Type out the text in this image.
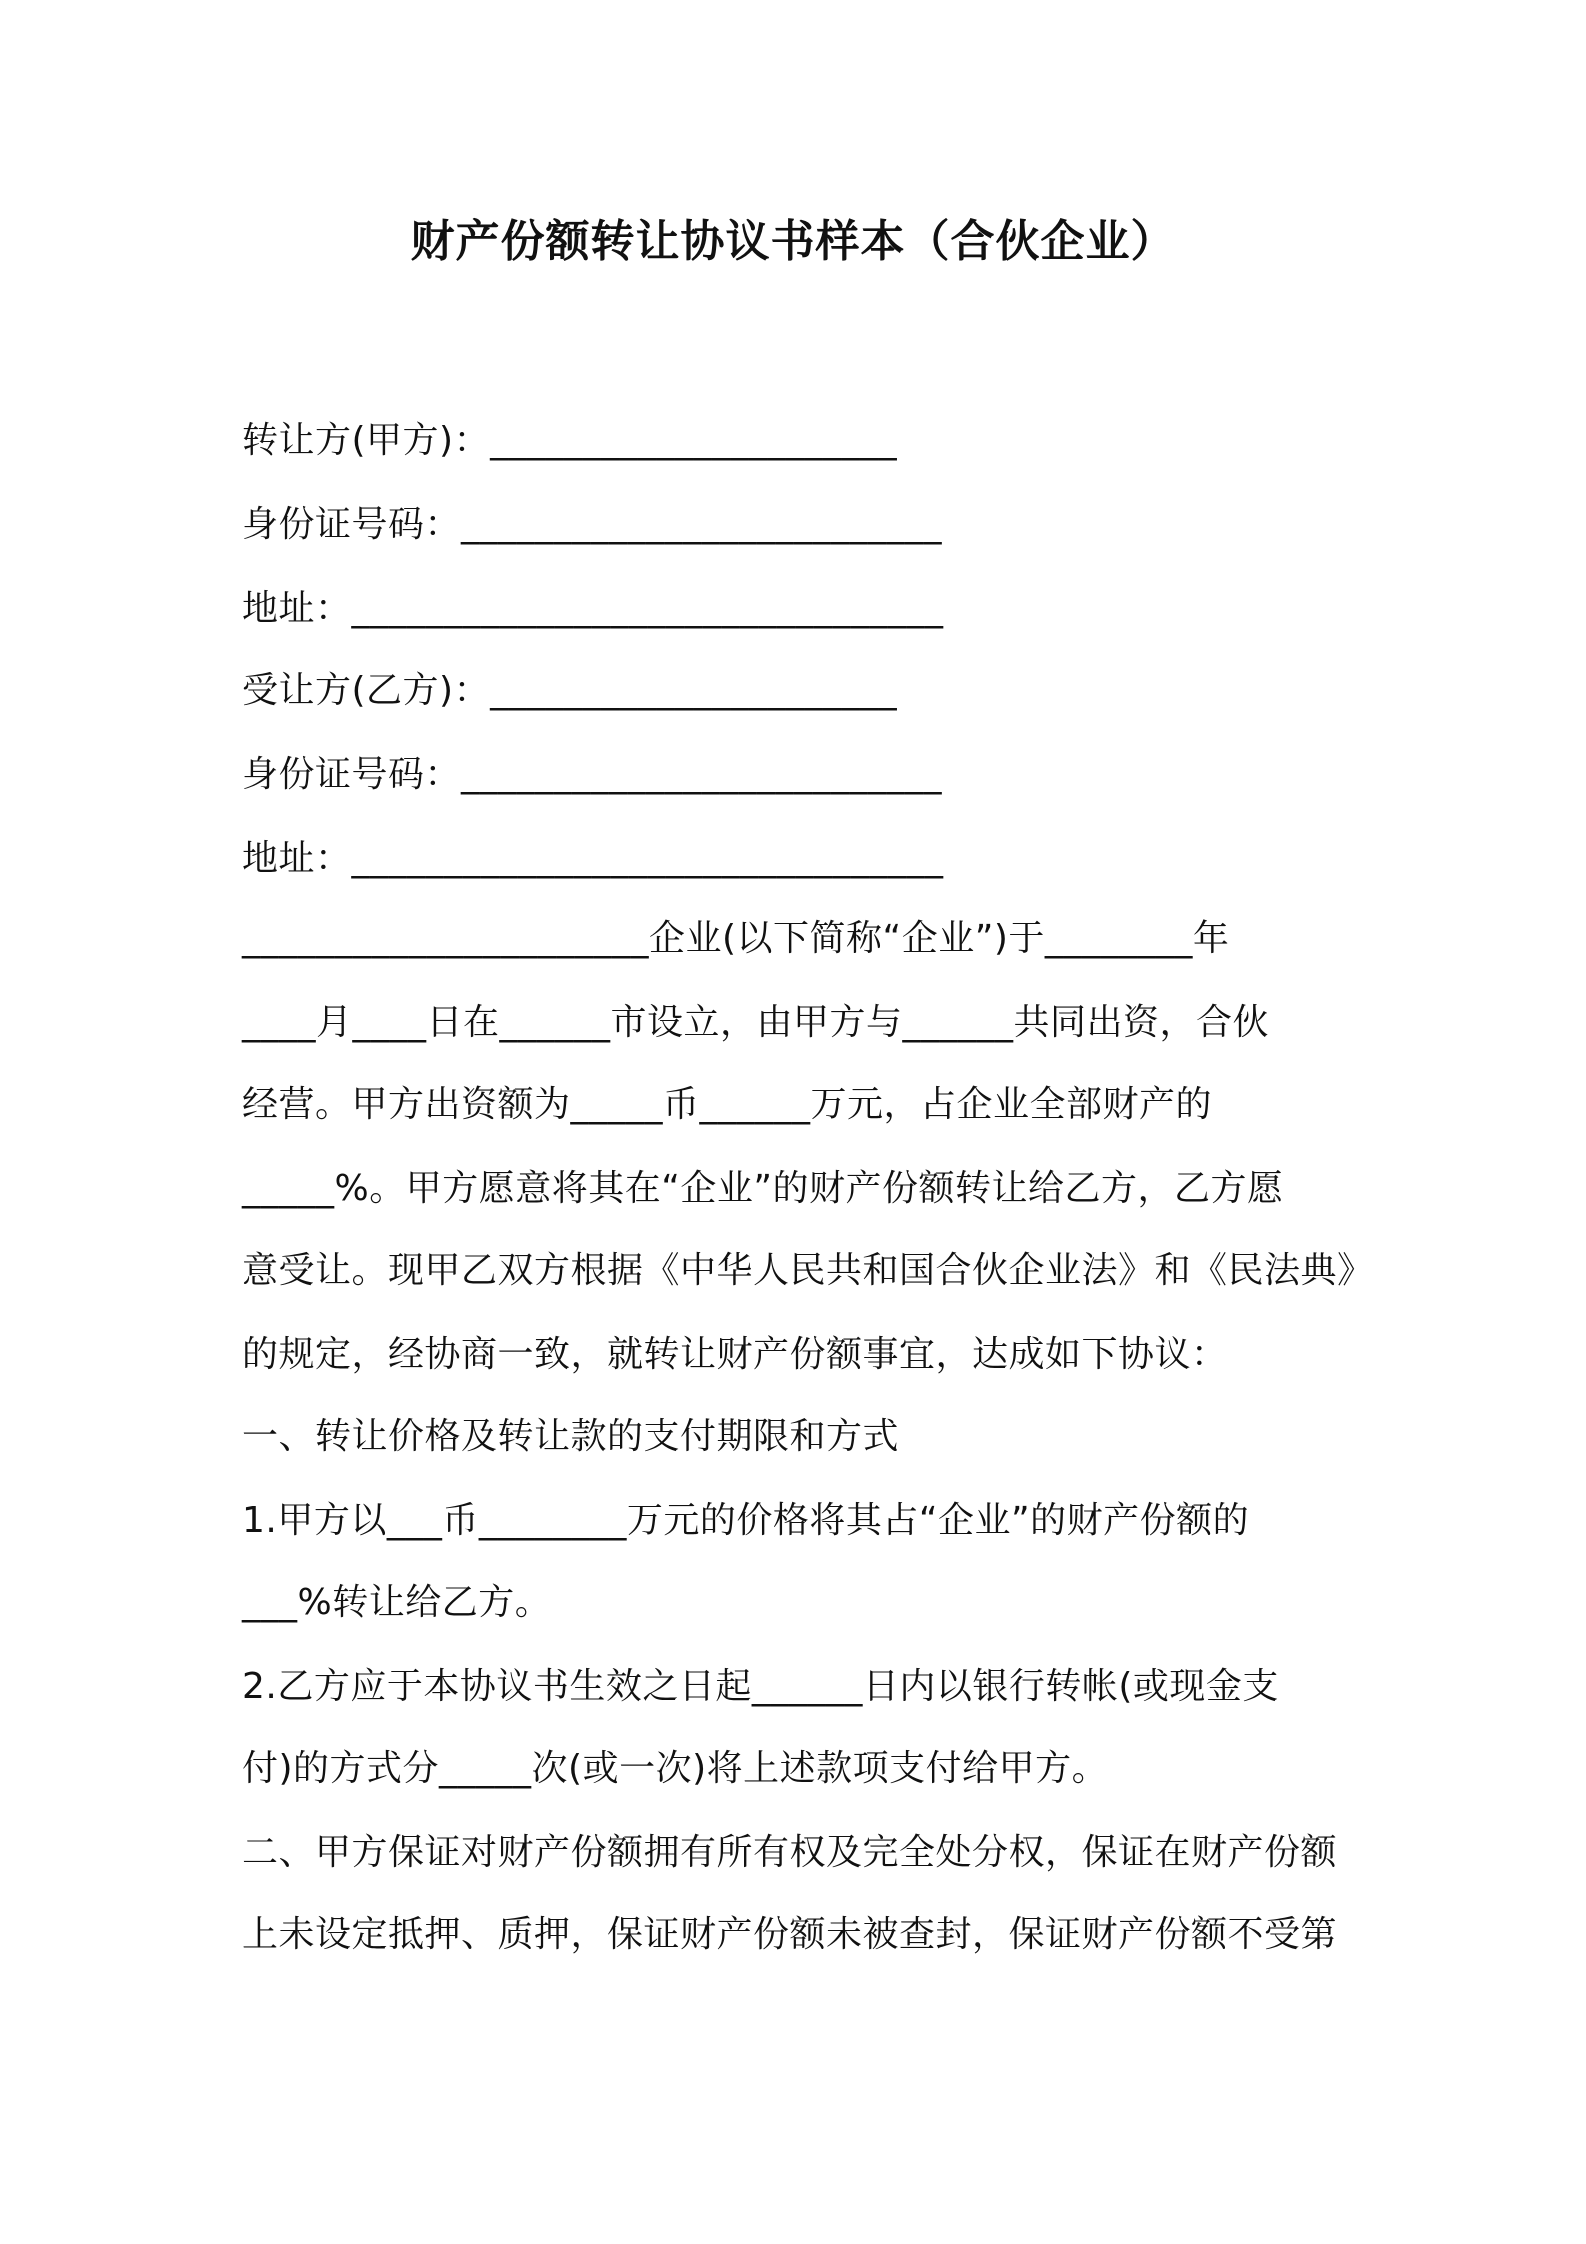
财产份额转让协议书样本（合伙企业）
转让方(甲方)：______________________
身份证号码：__________________________
地址：________________________________
受让方(乙方)：______________________
身份证号码：__________________________
地址：________________________________
______________________企业(以下简称“企业”)于________年
____月____日在______市设立，由甲方与______共同出资，合伙
经营。甲方出资额为_____币______万元，占企业全部财产的
_____%。甲方愿意将其在“企业”的财产份额转让给乙方，乙方愿
意受让。现甲乙双方根据《中华人民共和国合伙企业法》和《民法典》
的规定，经协商一致，就转让财产份额事宜，达成如下协议：
一、转让价格及转让款的支付期限和方式
1.甲方以___币________万元的价格将其占“企业”的财产份额的
___%转让给乙方。
2.乙方应于本协议书生效之日起______日内以银行转帐(或现金支
付)的方式分_____次(或一次)将上述款项支付给甲方。
二、甲方保证对财产份额拥有所有权及完全处分权，保证在财产份额
上未设定抵押、质押，保证财产份额未被查封，保证财产份额不受第
